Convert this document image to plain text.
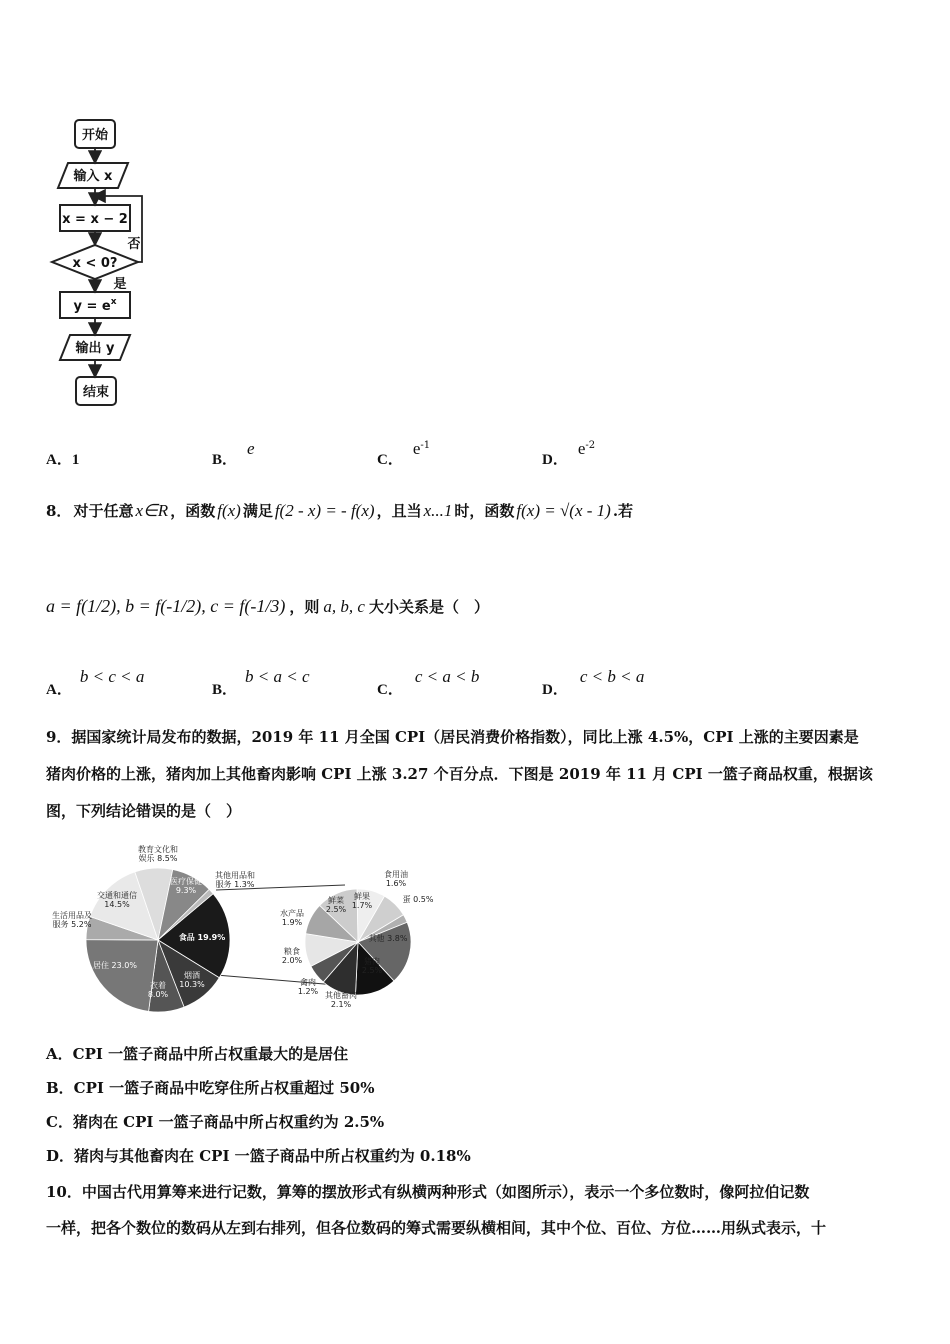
开始
输入 x
x = x − 2
x < 0?
否
是
$y = e^x$
输出 y
结束
A．1	B．e
C．$e^{-1}$
D．$e^{-2}$
8． 对于任意 x∈R ，函数 f(x) 满足 f(2 - x) = - f(x) ，且当 x...1 时，函数 f(x) = √(x - 1) .若
a = f(1/2), b = f(-1/2), c = f(-1/3) ，则 a, b, c 大小关系是（　）
A．b < c < a
B．b < a < c
C．c < a < b
D．c < b < a
9．据国家统计局发布的数据，2019 年 11 月全国 CPI（居民消费价格指数），同比上涨 4.5%，CPI 上涨的主要因素是
猪肉价格的上涨，猪肉加上其他畜肉影响 CPI 上涨 3.27 个百分点．下图是 2019 年 11 月 CPI 一篮子商品权重，根据该
图，下列结论错误的是（　）
食品 19.9%
烟酒 10.3%
衣着 8.0%
居住 23.0%
生活用品及服务 5.2%
交通和通信 14.5%
教育文化和娱乐 8.5%
医疗保健 9.3%
其他用品和服务 1.3%
食用油 1.6%
蛋 0.5%
其他 3.8%
猪肉 2.5%
其他畜肉 2.1%
禽肉 1.2%
粮食 2.0%
水产品 1.9%
鲜菜 2.5%
鲜果 1.7%
A．CPI 一篮子商品中所占权重最大的是居住
B．CPI 一篮子商品中吃穿住所占权重超过 50%
C．猪肉在 CPI 一篮子商品中所占权重约为 2.5%
D．猪肉与其他畜肉在 CPI 一篮子商品中所占权重约为 0.18%
10．中国古代用算筹来进行记数，算筹的摆放形式有纵横两种形式（如图所示），表示一个多位数时，像阿拉伯记数
一样，把各个数位的数码从左到右排列，但各位数码的筹式需要纵横相间，其中个位、百位、方位……用纵式表示，十
